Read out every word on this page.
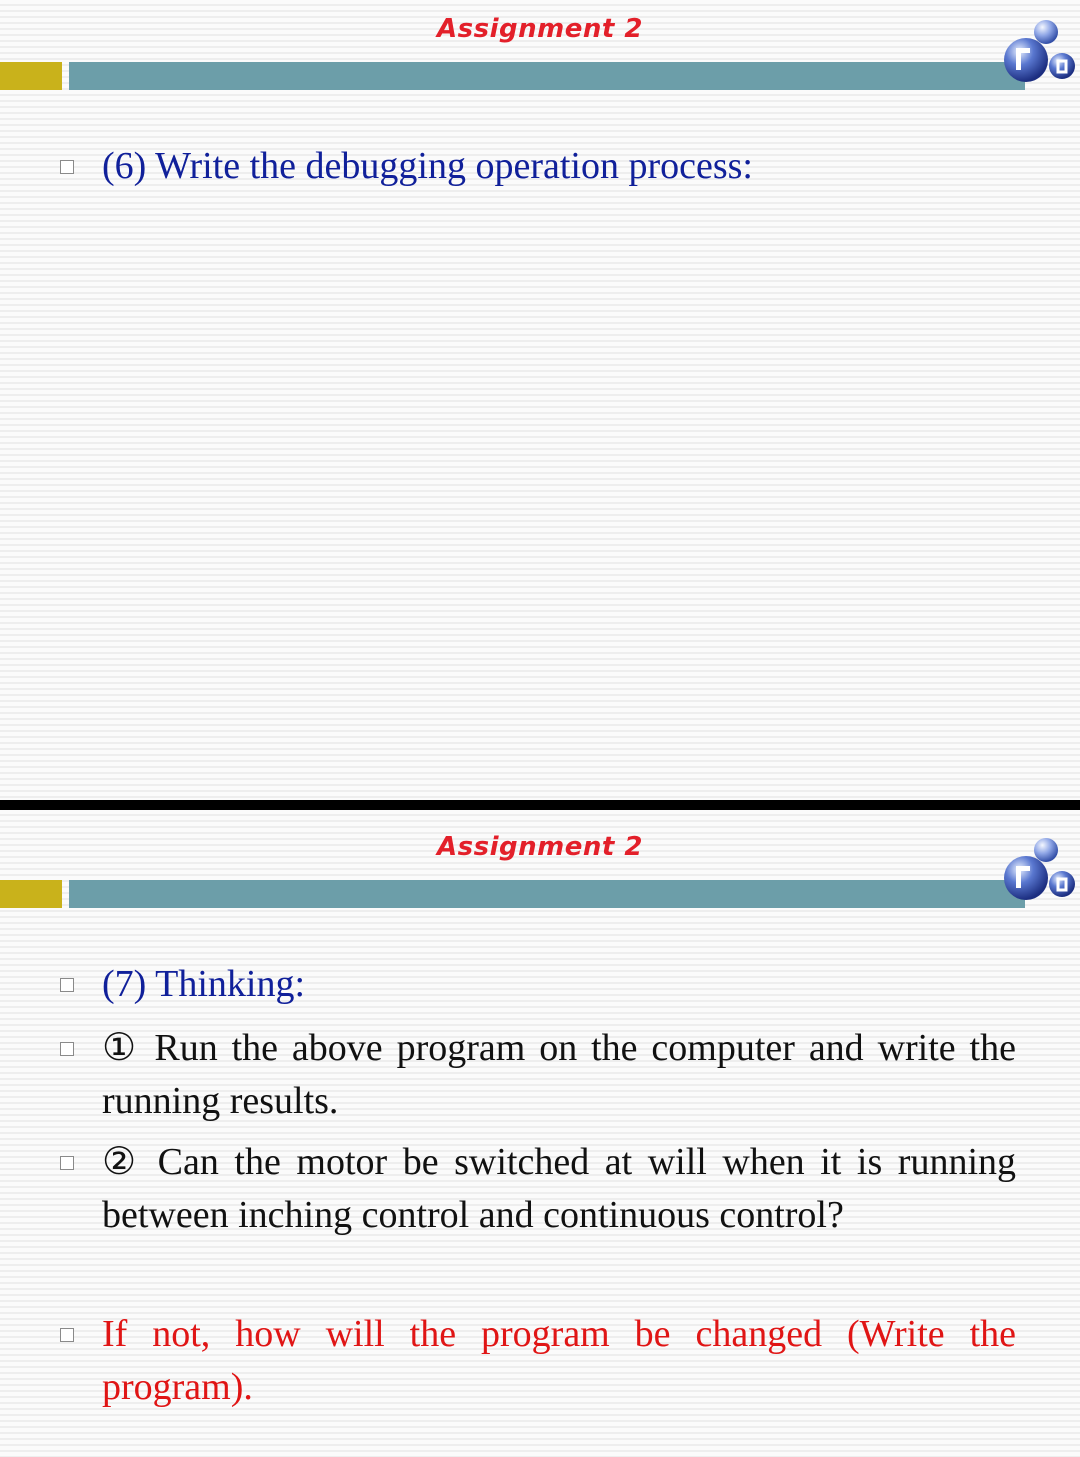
Assignment 2
(6) Write the debugging operation process:
Assignment 2
(7) Thinking:
① Run the above program on the computer and write the running results.
② Can the motor be switched at will when it is running between inching control and continuous control?
If not, how will the program be changed (Write the program).
